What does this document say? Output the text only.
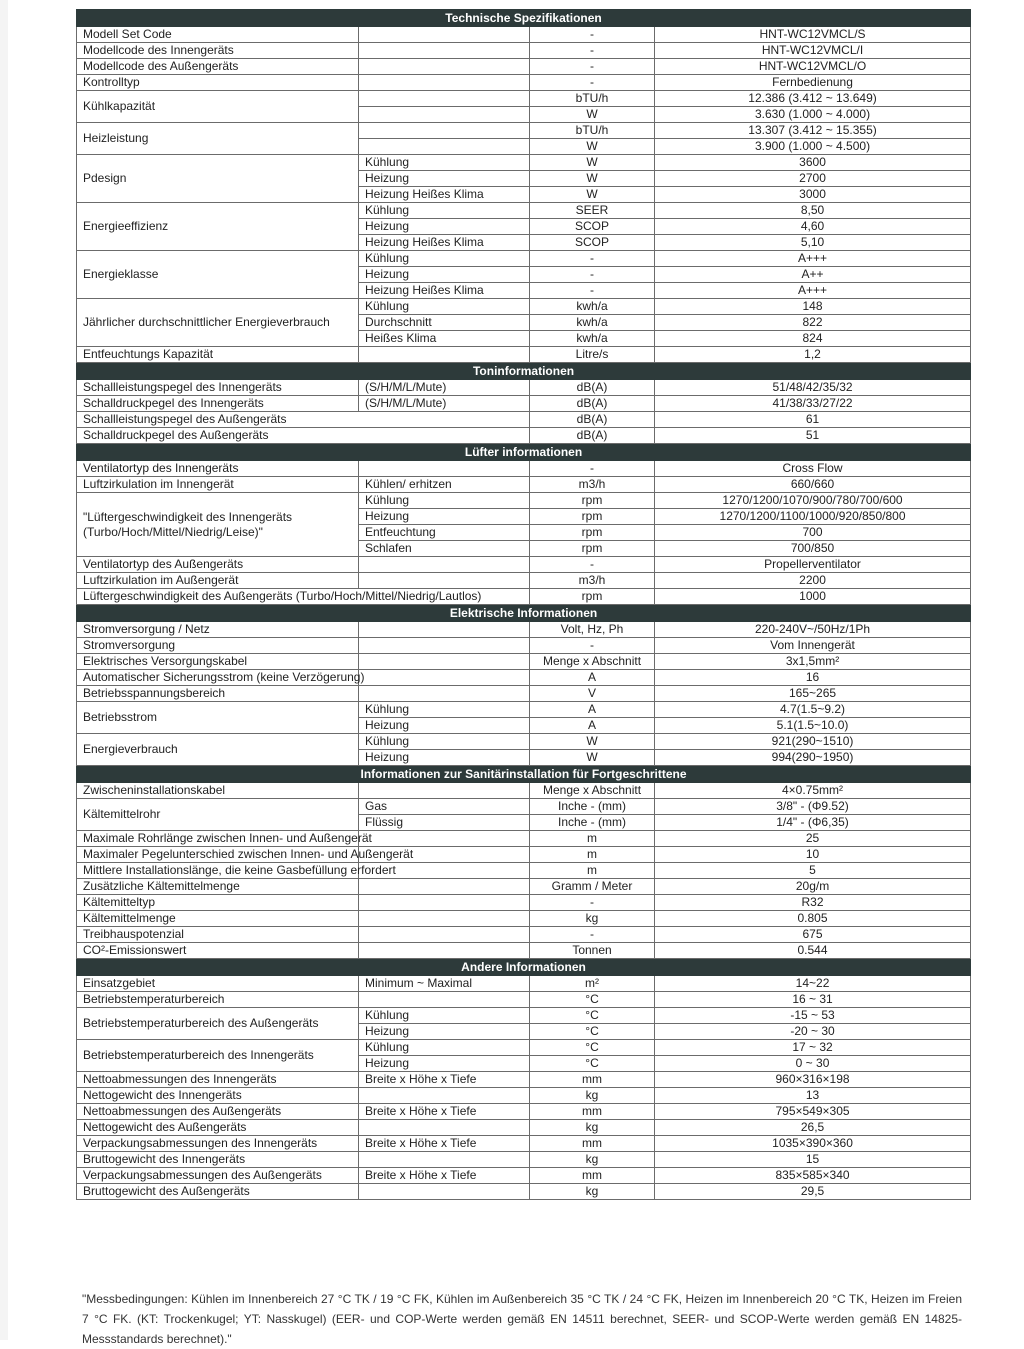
Technische Spezifikationen			
Modell Set Code		-	HNT-WC12VMCL/S
Modellcode des Innengeräts		-	HNT-WC12VMCL/I
Modellcode des Außengeräts		-	HNT-WC12VMCL/O
Kontrolltyp		-	Fernbedienung
Kühlkapazität		bTU/h	12.386 (3.412 ~ 13.649)
		W	3.630 (1.000 ~ 4.000)
Heizleistung		bTU/h	13.307 (3.412 ~ 15.355)
		W	3.900 (1.000 ~ 4.500)
Pdesign	Kühlung	W	3600
	Heizung	W	2700
	Heizung Heißes Klima	W	3000
Energieeffizienz	Kühlung	SEER	8,50
	Heizung	SCOP	4,60
	Heizung Heißes Klima	SCOP	5,10
Energieklasse	Kühlung	-	A+++
	Heizung	-	A++
	Heizung Heißes Klima	-	A+++
Jährlicher durchschnittlicher Energieverbrauch	Kühlung	kwh/a	148
	Durchschnitt	kwh/a	822
	Heißes Klima	kwh/a	824
Entfeuchtungs Kapazität		Litre/s	1,2
Toninformationen			
Schallleistungspegel des Innengeräts	(S/H/M/L/Mute)	dB(A)	51/48/42/35/32
Schalldruckpegel des Innengeräts	(S/H/M/L/Mute)	dB(A)	41/38/33/27/22
Schallleistungspegel des Außengeräts		dB(A)	61
Schalldruckpegel des Außengeräts		dB(A)	51
Lüfter informationen			
Ventilatortyp des Innengeräts		-	Cross Flow
Luftzirkulation im Innengerät	Kühlen/ erhitzen	m3/h	660/660
"Lüftergeschwindigkeit des Innengeräts (Turbo/Hoch/Mittel/Niedrig/Leise)"	Kühlung	rpm	1270/1200/1070/900/780/700/600
	Heizung	rpm	1270/1200/1100/1000/920/850/800
	Entfeuchtung	rpm	700
	Schlafen	rpm	700/850
Ventilatortyp des Außengeräts		-	Propellerventilator
Luftzirkulation im Außengerät		m3/h	2200
Lüftergeschwindigkeit des Außengeräts (Turbo/Hoch/Mittel/Niedrig/Lautlos)		rpm	1000
Elektrische Informationen			
Stromversorgung / Netz		Volt, Hz, Ph	220-240V~/50Hz/1Ph
Stromversorgung		-	Vom Innengerät
Elektrisches Versorgungskabel		Menge x Abschnitt	3x1,5mm²
Automatischer Sicherungsstrom (keine Verzögerung)		A	16
Betriebsspannungsbereich		V	165~265
Betriebsstrom	Kühlung	A	4.7(1.5~9.2)
	Heizung	A	5.1(1.5~10.0)
Energieverbrauch	Kühlung	W	921(290~1510)
	Heizung	W	994(290~1950)
Informationen zur Sanitärinstallation für Fortgeschrittene			
Zwischeninstallationskabel		Menge x Abschnitt	4×0.75mm²
Kältemittelrohr	Gas	Inche - (mm)	3/8" - (Φ9.52)
	Flüssig	Inche - (mm)	1/4" - (Φ6,35)
Maximale Rohrlänge zwischen Innen- und Außengerät		m	25
Maximaler Pegelunterschied zwischen Innen- und Außengerät		m	10
Mittlere Installationslänge, die keine Gasbefüllung erfordert		m	5
Zusätzliche Kältemittelmenge		Gramm / Meter	20g/m
Kältemitteltyp		-	R32
Kältemittelmenge		kg	0.805
Treibhauspotenzial		-	675
CO²-Emissionswert		Tonnen	0.544
Andere Informationen			
Einsatzgebiet	Minimum ~ Maximal	m²	14~22
Betriebstemperaturbereich		°C	16 ~ 31
Betriebstemperaturbereich des Außengeräts	Kühlung	°C	-15 ~ 53
	Heizung	°C	-20 ~ 30
Betriebstemperaturbereich des Innengeräts	Kühlung	°C	17 ~ 32
	Heizung	°C	0 ~ 30
Nettoabmessungen des Innengeräts	Breite x Höhe x Tiefe	mm	960×316×198
Nettogewicht des Innengeräts		kg	13
Nettoabmessungen des Außengeräts	Breite x Höhe x Tiefe	mm	795×549×305
Nettogewicht des Außengeräts		kg	26,5
Verpackungsabmessungen des Innengeräts	Breite x Höhe x Tiefe	mm	1035×390×360
Bruttogewicht des Innengeräts		kg	15
Verpackungsabmessungen des Außengeräts	Breite x Höhe x Tiefe	mm	835×585×340
Bruttogewicht des Außengeräts		kg	29,5
"Messbedingungen: Kühlen im Innenbereich 27 °C TK / 19 °C FK, Kühlen im Außenbereich 35 °C TK / 24 °C FK, Heizen im Innenbereich 20 °C TK, Heizen im Freien 7 °C FK. (KT: Trockenkugel; YT: Nasskugel) (EER- und COP-Werte werden gemäß EN 14511 berechnet, SEER- und SCOP-Werte werden gemäß EN 14825-Messstandards berechnet)."
